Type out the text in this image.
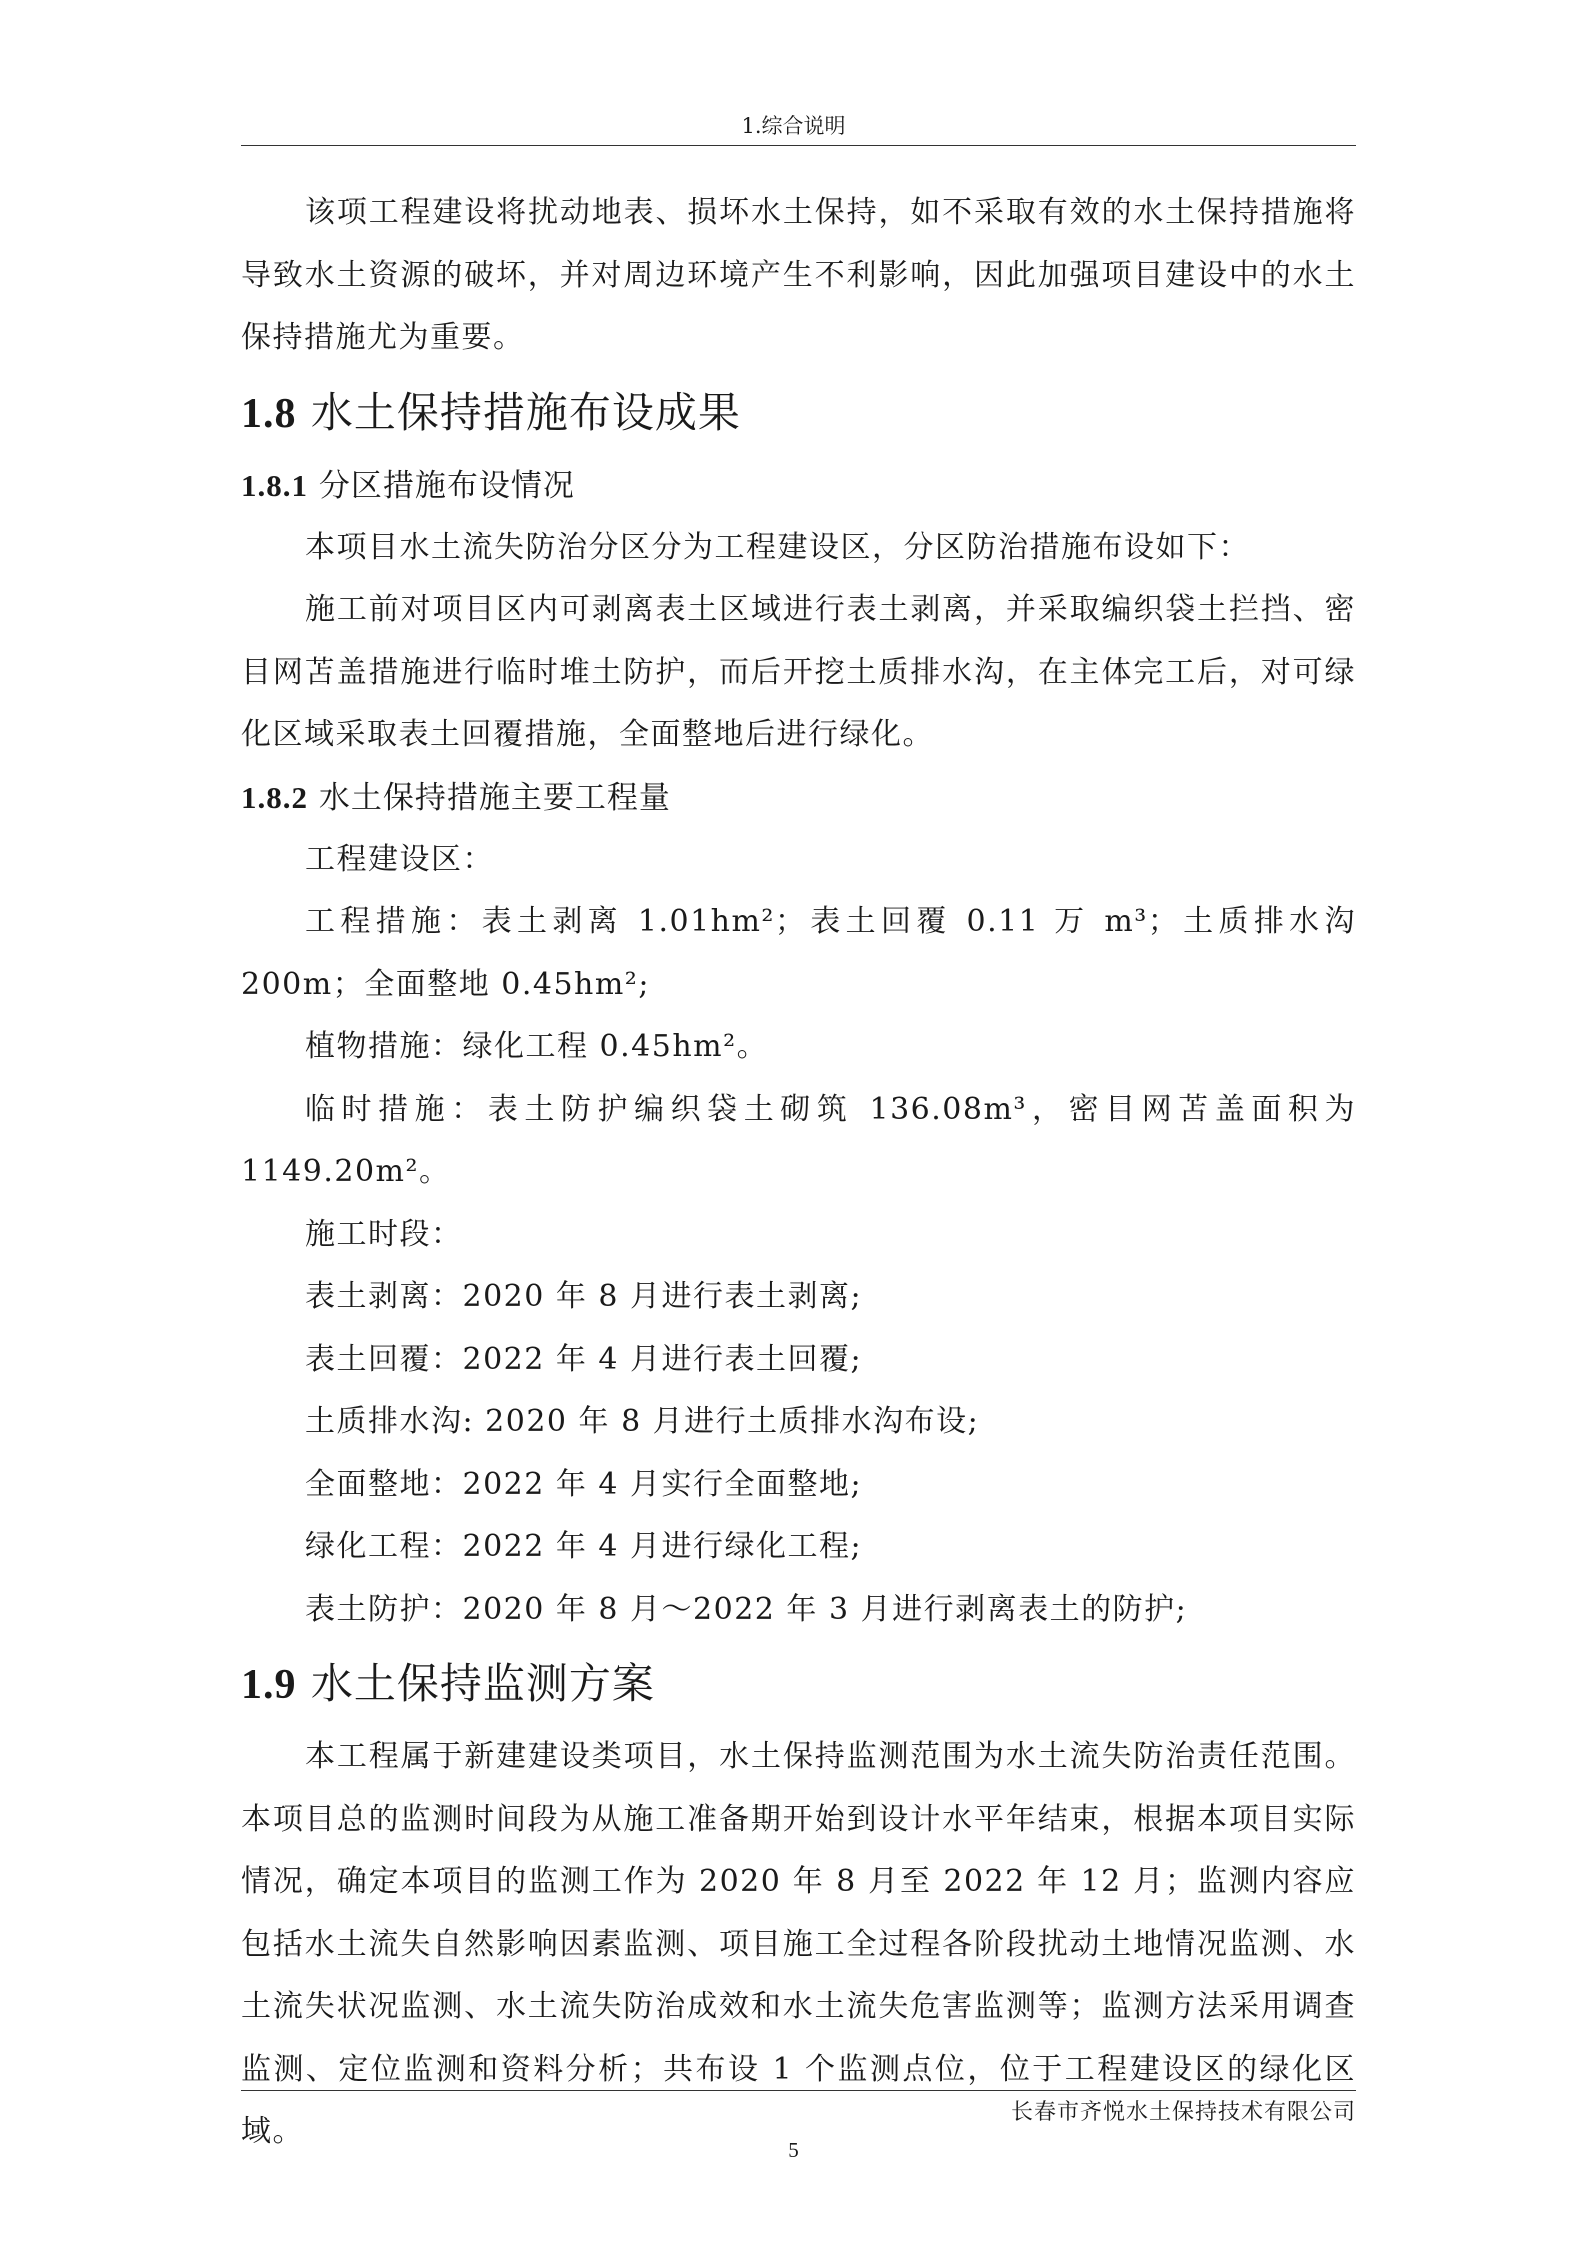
1.综合说明

该项工程建设将扰动地表、损坏水土保持，如不采取有效的水土保持措施将导致水土资源的破坏，并对周边环境产生不利影响，因此加强项目建设中的水土保持措施尤为重要。

1.8 水土保持措施布设成果
1.8.1 分区措施布设情况

本项目水土流失防治分区分为工程建设区，分区防治措施布设如下：

施工前对项目区内可剥离表土区域进行表土剥离，并采取编织袋土拦挡、密目网苫盖措施进行临时堆土防护，而后开挖土质排水沟，在主体完工后，对可绿化区域采取表土回覆措施，全面整地后进行绿化。

1.8.2 水土保持措施主要工程量

工程建设区：

工程措施：表土剥离 1.01hm²；表土回覆 0.11 万 m³；土质排水沟 200m；全面整地 0.45hm²;

植物措施：绿化工程 0.45hm²。

临时措施：表土防护编织袋土砌筑 136.08m³，密目网苫盖面积为 1149.20m²。

施工时段：

表土剥离：2020 年 8 月进行表土剥离;

表土回覆：2022 年 4 月进行表土回覆;

土质排水沟: 2020 年 8 月进行土质排水沟布设;

全面整地：2022 年 4 月实行全面整地;

绿化工程：2022 年 4 月进行绿化工程;

表土防护：2020 年 8 月～2022 年 3 月进行剥离表土的防护;

1.9 水土保持监测方案

本工程属于新建建设类项目，水土保持监测范围为水土流失防治责任范围。本项目总的监测时间段为从施工准备期开始到设计水平年结束，根据本项目实际情况，确定本项目的监测工作为 2020 年 8 月至 2022 年 12 月；监测内容应包括水土流失自然影响因素监测、项目施工全过程各阶段扰动土地情况监测、水土流失状况监测、水土流失防治成效和水土流失危害监测等；监测方法采用调查监测、定位监测和资料分析；共布设 1 个监测点位，位于工程建设区的绿化区域。

长春市齐悦水土保持技术有限公司
5
